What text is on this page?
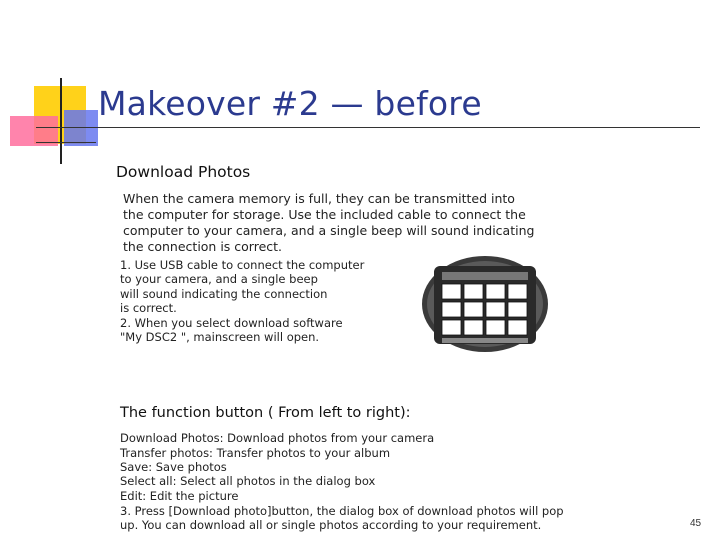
Makeover #2 — before
Download Photos
When the camera memory is full, they can be transmitted into
the computer for storage. Use the included cable to connect the
computer to your camera, and a single beep will sound indicating
the connection is correct.
1. Use USB cable to connect the computer
to your camera, and a single beep
will sound indicating the connection
is correct.
2. When you select download software
"My DSC2 ", mainscreen will open.
The function button ( From left to right):
Download Photos: Download photos from your camera
Transfer photos: Transfer photos to your album
Save: Save photos
Select all: Select all photos in the dialog box
Edit: Edit the picture
3. Press [Download photo]button, the dialog box of download photos will pop
up. You can download all or single photos according to your requirement.	45
